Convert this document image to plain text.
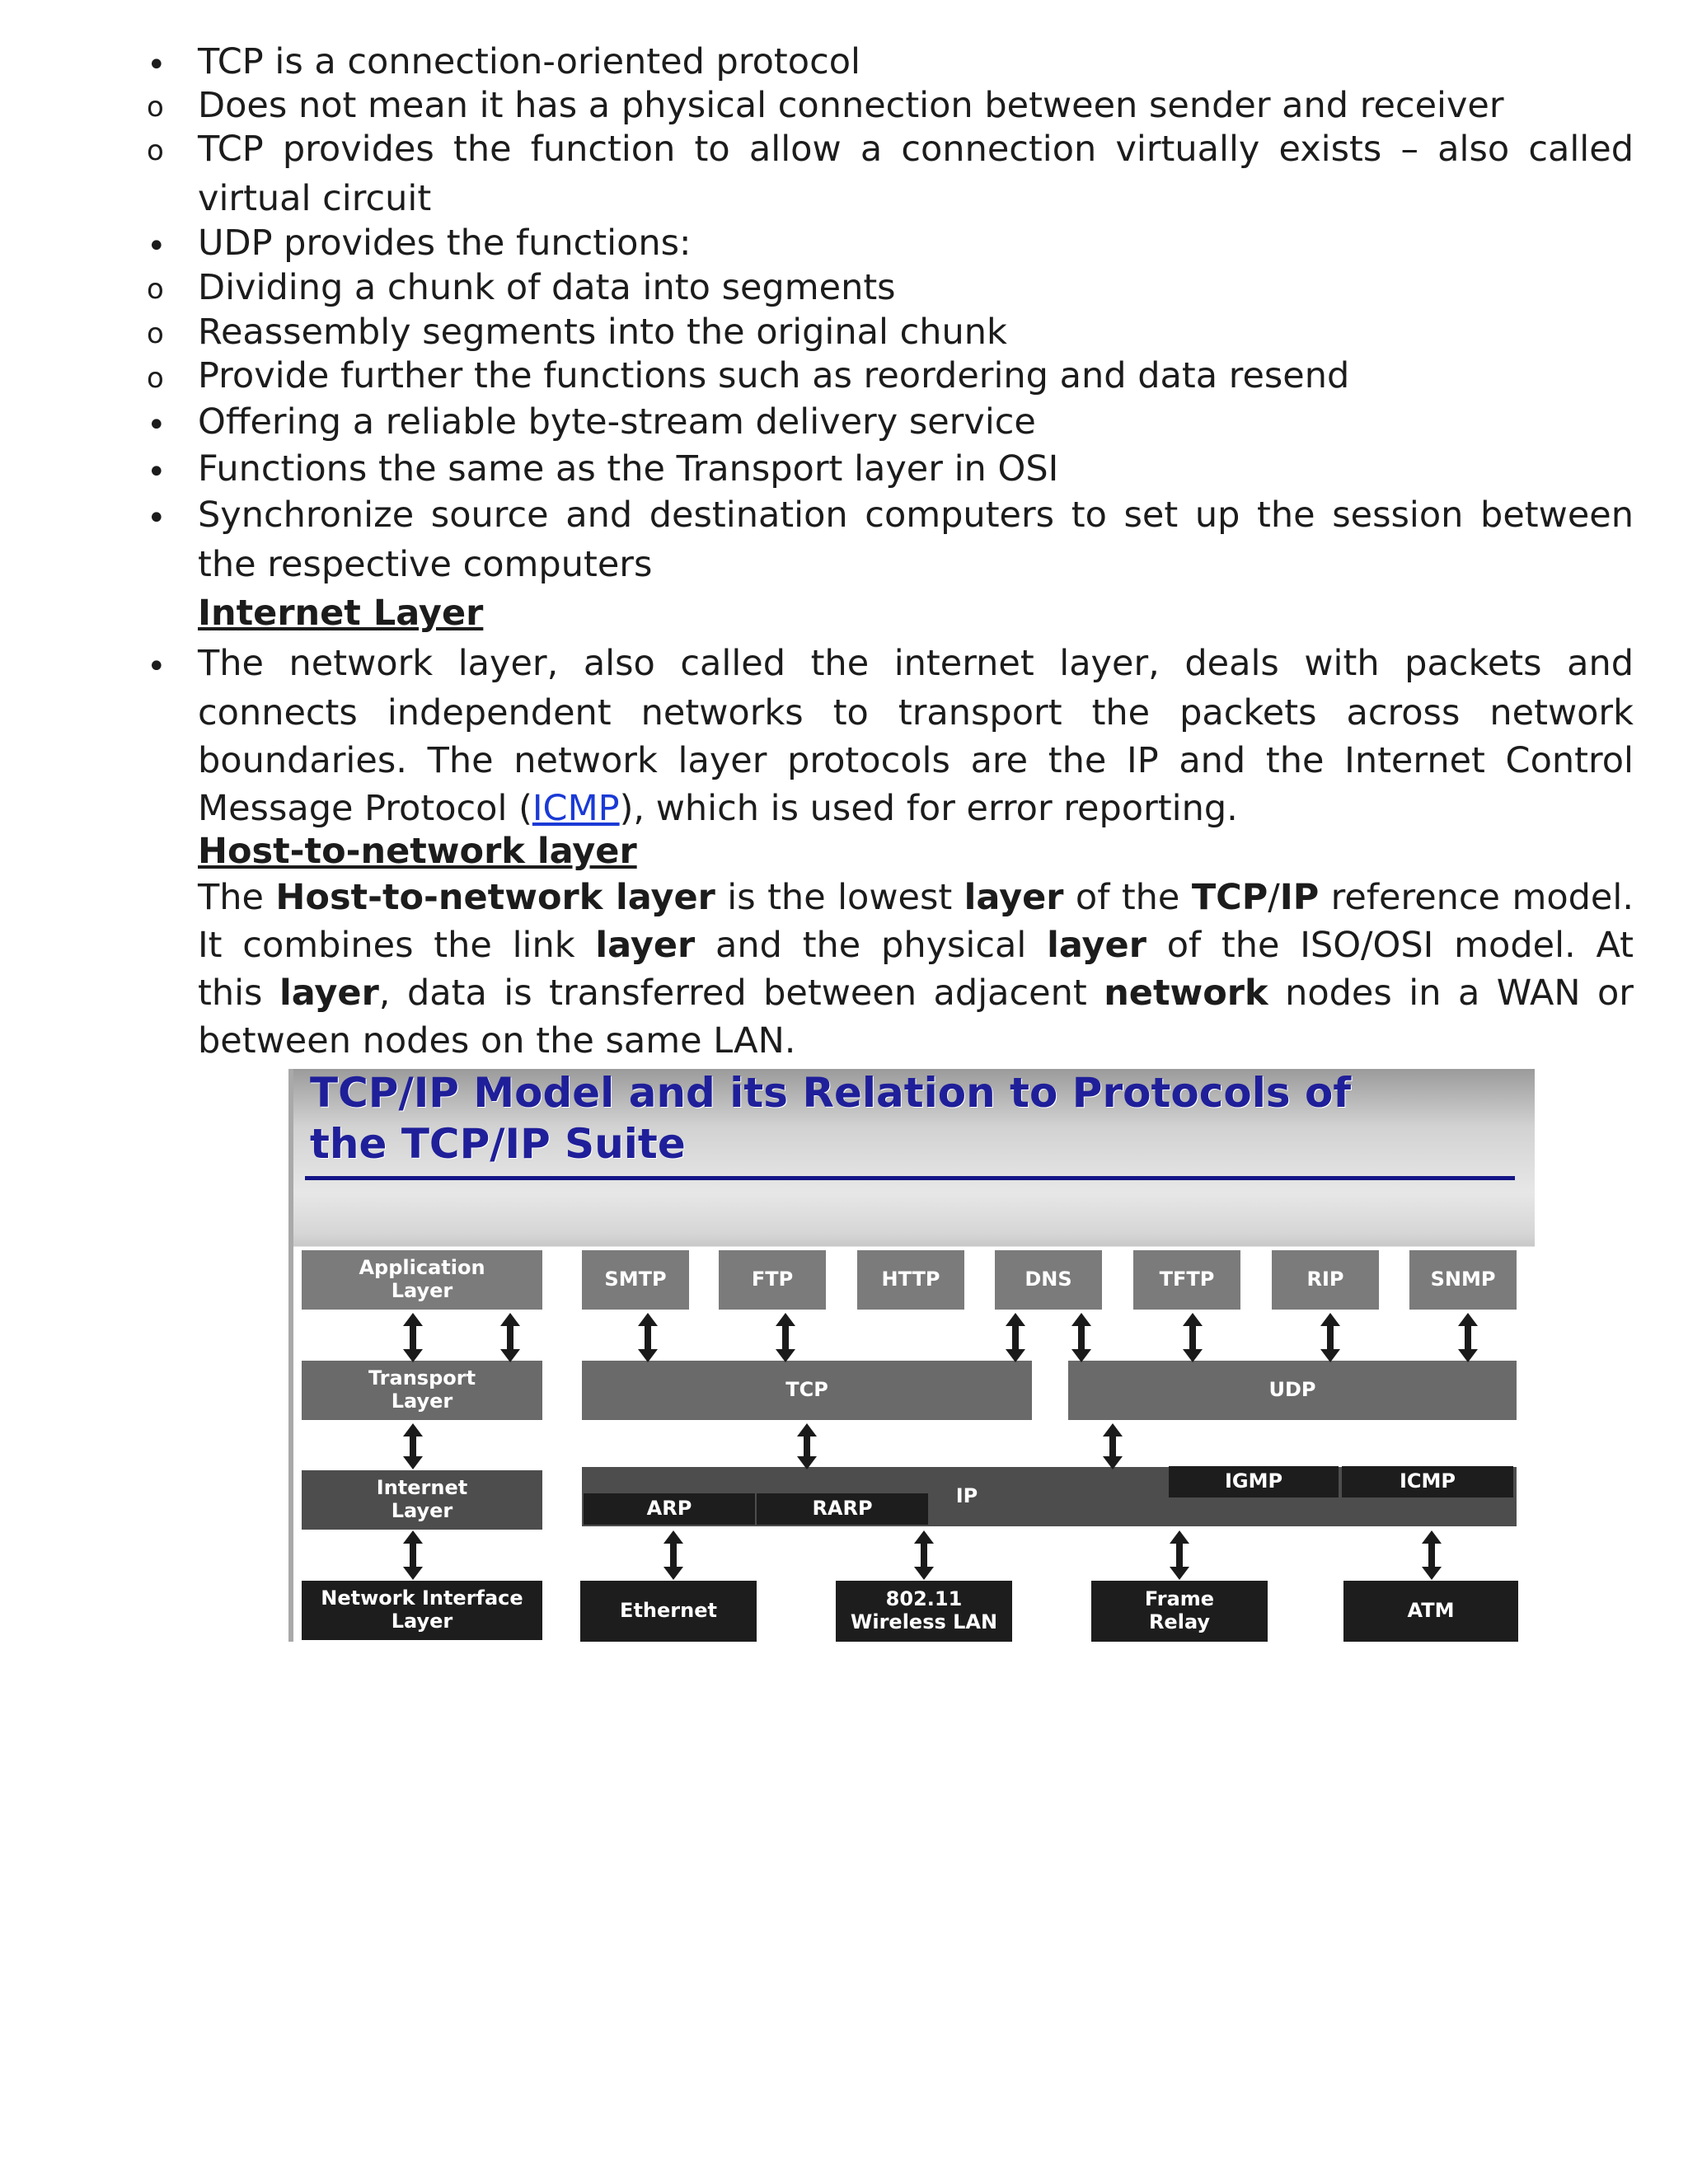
• TCP is a connection-oriented protocol
o Does not mean it has a physical connection between sender and receiver
o TCP provides the function to allow a connection virtually exists – also called
virtual circuit
• UDP provides the functions:
o Dividing a chunk of data into segments
o Reassembly segments into the original chunk
o Provide further the functions such as reordering and data resend
• Offering a reliable byte-stream delivery service
• Functions the same as the Transport layer in OSI
• Synchronize source and destination computers to set up the session between
the respective computers
Internet Layer
• The network layer, also called the internet layer, deals with packets and
connects independent networks to transport the packets across network
boundaries. The network layer protocols are the IP and the Internet Control
Message Protocol (ICMP), which is used for error reporting.
Host-to-network layer
The Host-to-network layer is the lowest layer of the TCP/IP reference model.
It combines the link layer and the physical layer of the ISO/OSI model. At
this layer, data is transferred between adjacent network nodes in a WAN or
between nodes on the same LAN.
TCP/IP Model and its Relation to Protocols of
the TCP/IP Suite
Application
Layer
Transport
Layer
Internet
Layer
Network Interface
Layer
SMTP	FTP	HTTP	DNS	TFTP	RIP	SNMP
TCP	UDP
IP
ARP	RARP
IGMP	ICMP
Ethernet	802.11
Wireless LAN
Frame
Relay	ATM
